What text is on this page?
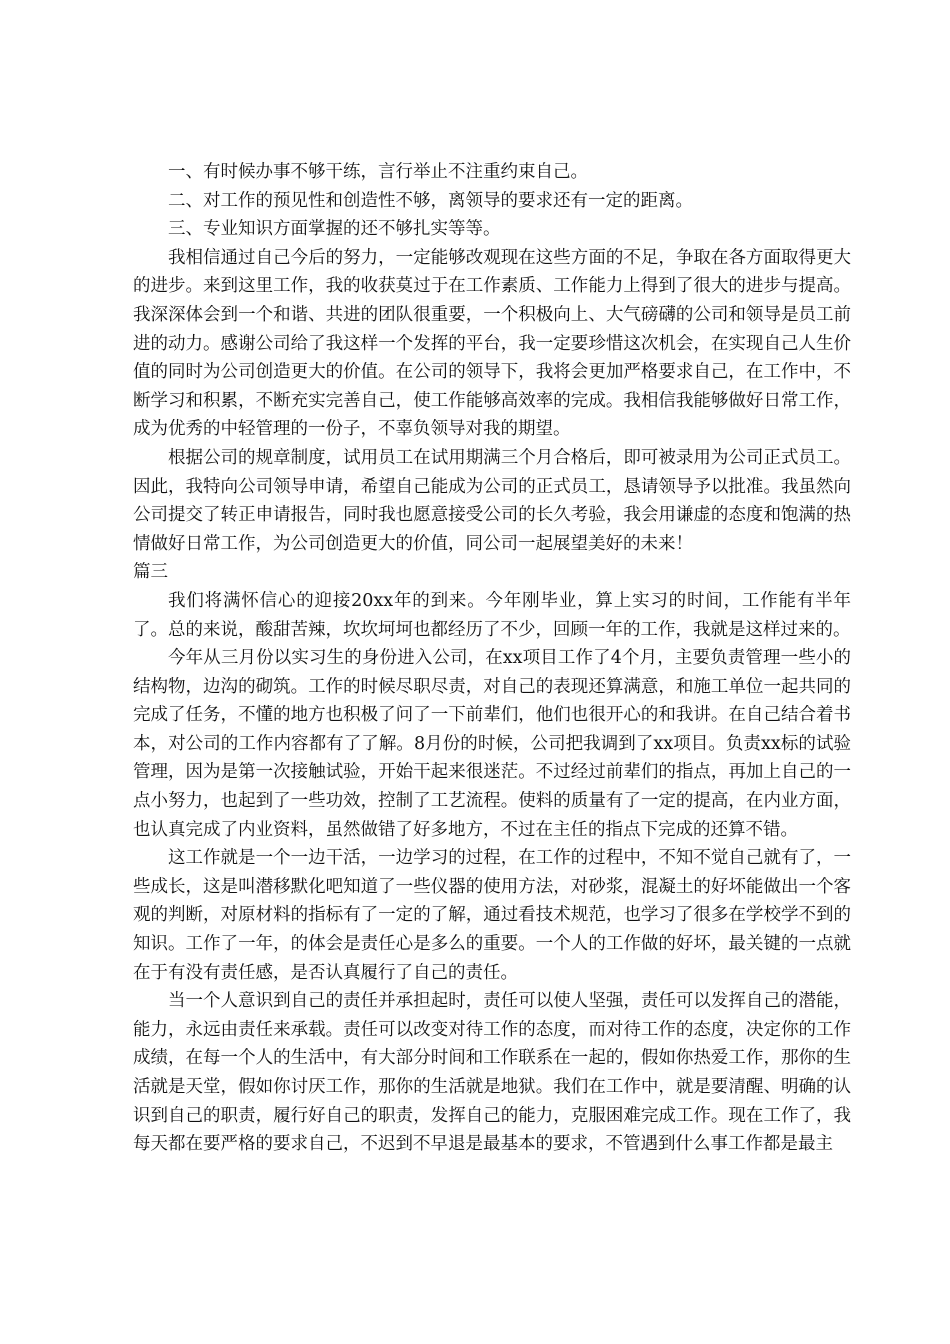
一、有时候办事不够干练，言行举止不注重约束自己。

二、对工作的预见性和创造性不够，离领导的要求还有一定的距离。

三、专业知识方面掌握的还不够扎实等等。

我相信通过自己今后的努力，一定能够改观现在这些方面的不足，争取在各方面取得更大的进步。来到这里工作，我的收获莫过于在工作素质、工作能力上得到了很大的进步与提高。我深深体会到一个和谐、共进的团队很重要，一个积极向上、大气磅礴的公司和领导是员工前进的动力。感谢公司给了我这样一个发挥的平台，我一定要珍惜这次机会，在实现自己人生价值的同时为公司创造更大的价值。在公司的领导下，我将会更加严格要求自己，在工作中，不断学习和积累，不断充实完善自己，使工作能够高效率的完成。我相信我能够做好日常工作，成为优秀的中轻管理的一份子，不辜负领导对我的期望。

根据公司的规章制度，试用员工在试用期满三个月合格后，即可被录用为公司正式员工。因此，我特向公司领导申请，希望自己能成为公司的正式员工，恳请领导予以批准。我虽然向公司提交了转正申请报告，同时我也愿意接受公司的长久考验，我会用谦虚的态度和饱满的热情做好日常工作，为公司创造更大的价值，同公司一起展望美好的未来！

篇三

我们将满怀信心的迎接20xx年的到来。今年刚毕业，算上实习的时间，工作能有半年了。总的来说，酸甜苦辣，坎坎坷坷也都经历了不少，回顾一年的工作，我就是这样过来的。

今年从三月份以实习生的身份进入公司，在xx项目工作了4个月，主要负责管理一些小的结构物，边沟的砌筑。工作的时候尽职尽责，对自己的表现还算满意，和施工单位一起共同的完成了任务，不懂的地方也积极了问了一下前辈们，他们也很开心的和我讲。在自己结合着书本，对公司的工作内容都有了了解。8月份的时候，公司把我调到了xx项目。负责xx标的试验管理，因为是第一次接触试验，开始干起来很迷茫。不过经过前辈们的指点，再加上自己的一点小努力，也起到了一些功效，控制了工艺流程。使料的质量有了一定的提高，在内业方面，也认真完成了内业资料，虽然做错了好多地方，不过在主任的指点下完成的还算不错。

这工作就是一个一边干活，一边学习的过程，在工作的过程中，不知不觉自己就有了，一些成长，这是叫潜移默化吧知道了一些仪器的使用方法，对砂浆，混凝土的好坏能做出一个客观的判断，对原材料的指标有了一定的了解，通过看技术规范，也学习了很多在学校学不到的知识。工作了一年，的体会是责任心是多么的重要。一个人的工作做的好坏，最关键的一点就在于有没有责任感，是否认真履行了自己的责任。

当一个人意识到自己的责任并承担起时，责任可以使人坚强，责任可以发挥自己的潜能，能力，永远由责任来承载。责任可以改变对待工作的态度，而对待工作的态度，决定你的工作成绩，在每一个人的生活中，有大部分时间和工作联系在一起的，假如你热爱工作，那你的生活就是天堂，假如你讨厌工作，那你的生活就是地狱。我们在工作中，就是要清醒、明确的认识到自己的职责，履行好自己的职责，发挥自己的能力，克服困难完成工作。现在工作了，我每天都在要严格的要求自己，不迟到不早退是最基本的要求，不管遇到什么事工作都是最主
